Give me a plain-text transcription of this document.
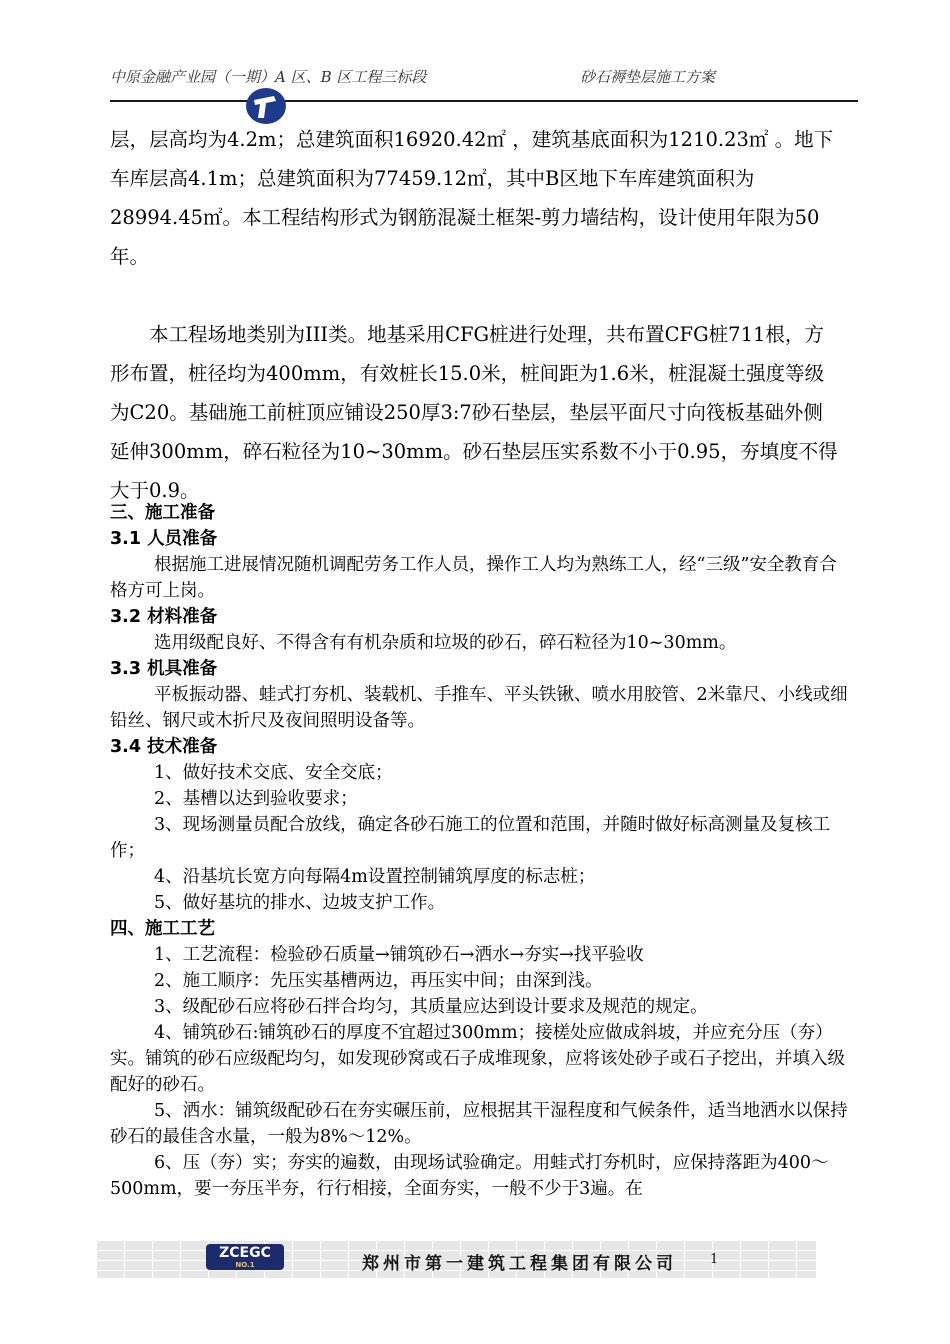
中原金融产业园（一期）A 区、B 区工程三标段	砂石褥垫层施工方案

层，层高均为4.2m；总建筑面积16920.42㎡ ，建筑基底面积为1210.23㎡ 。地下车库层高4.1m；总建筑面积为77459.12㎡，其中B区地下车库建筑面积为28994.45㎡。本工程结构形式为钢筋混凝土框架-剪力墙结构，设计使用年限为50年。

本工程场地类别为III类。地基采用CFG桩进行处理，共布置CFG桩711根，方形布置，桩径均为400mm，有效桩长15.0米，桩间距为1.6米，桩混凝土强度等级为C20。基础施工前桩顶应铺设250厚3:7砂石垫层，垫层平面尺寸向筏板基础外侧延伸300mm，碎石粒径为10~30mm。砂石垫层压实系数不小于0.95，夯填度不得大于0.9。

三、施工准备

3.1 人员准备

根据施工进展情况随机调配劳务工作人员，操作工人均为熟练工人，经“三级”安全教育合格方可上岗。

3.2 材料准备

选用级配良好、不得含有有机杂质和垃圾的砂石，碎石粒径为10~30mm。

3.3 机具准备

平板振动器、蛙式打夯机、装载机、手推车、平头铁锹、喷水用胶管、2米靠尺、小线或细铅丝、钢尺或木折尺及夜间照明设备等。

3.4 技术准备

1、做好技术交底、安全交底；

2、基槽以达到验收要求；

3、现场测量员配合放线，确定各砂石施工的位置和范围，并随时做好标高测量及复核工作；

4、沿基坑长宽方向每隔4m设置控制铺筑厚度的标志桩；

5、做好基坑的排水、边坡支护工作。

四、施工工艺

1、工艺流程：检验砂石质量→铺筑砂石→洒水→夯实→找平验收

2、施工顺序：先压实基槽两边，再压实中间；由深到浅。

3、级配砂石应将砂石拌合均匀，其质量应达到设计要求及规范的规定。

4、铺筑砂石:铺筑砂石的厚度不宜超过300mm；接槎处应做成斜坡，并应充分压（夯）实。铺筑的砂石应级配均匀，如发现砂窝或石子成堆现象，应将该处砂子或石子挖出，并填入级配好的砂石。

5、洒水：铺筑级配砂石在夯实碾压前，应根据其干湿程度和气候条件，适当地洒水以保持砂石的最佳含水量，一般为8%～12%。

6、压（夯）实；夯实的遍数，由现场试验确定。用蛙式打夯机时，应保持落距为400～500mm，要一夯压半夯，行行相接，全面夯实，一般不少于3遍。在

ZCEGC
NO.1	郑州市第一建筑工程集团有限公司	1
